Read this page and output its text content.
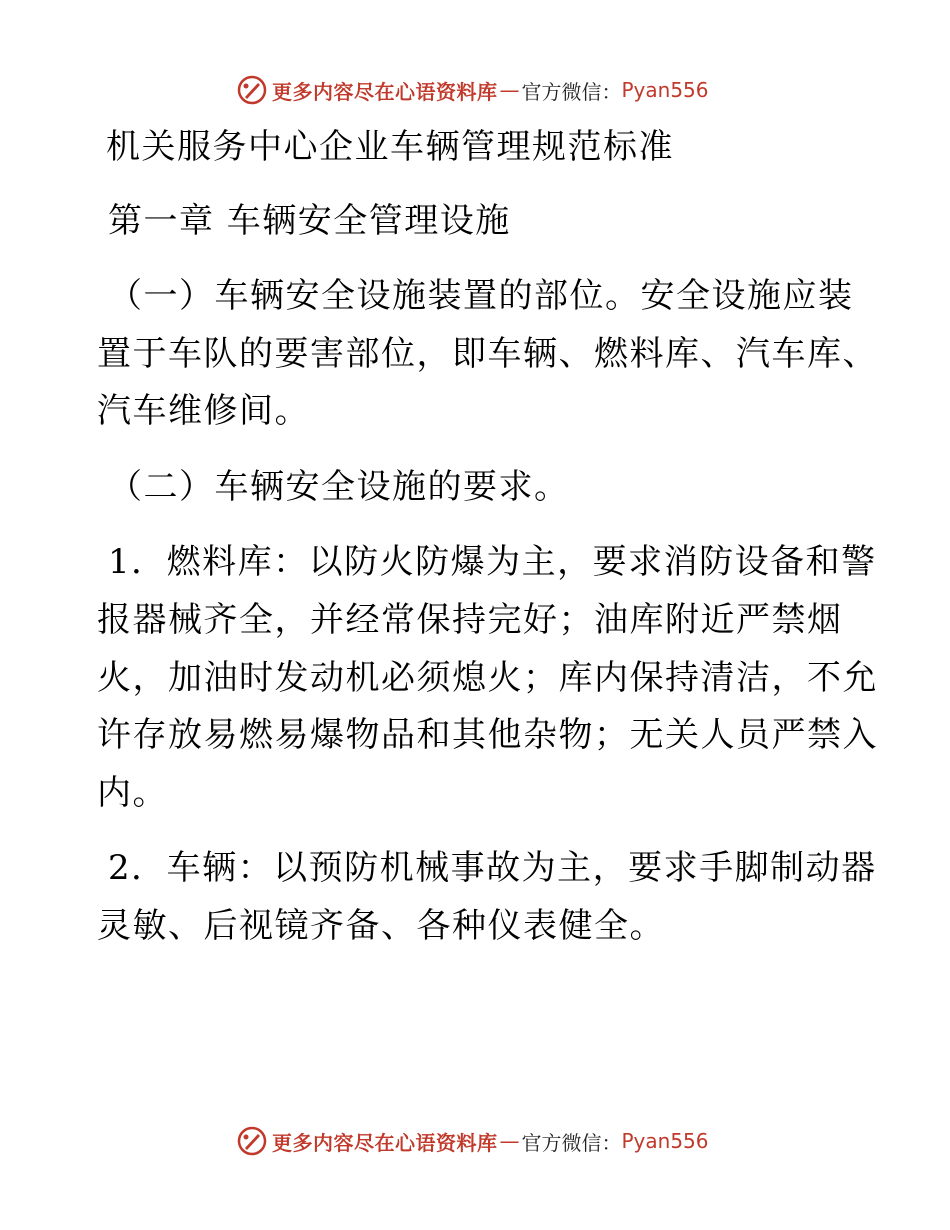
更多内容尽在心语资料库 — 官方微信： Pyan556
机关服务中心企业车辆管理规范标准
第一章 车辆安全管理设施
（一）车辆安全设施装置的部位。安全设施应装
置于车队的要害部位，即车辆、燃料库、汽车库、
汽车维修间。
（二）车辆安全设施的要求。
1．燃料库：以防火防爆为主，要求消防设备和警
报器械齐全，并经常保持完好；油库附近严禁烟
火，加油时发动机必须熄火；库内保持清洁，不允
许存放易燃易爆物品和其他杂物；无关人员严禁入
内。
2．车辆：以预防机械事故为主，要求手脚制动器
灵敏、后视镜齐备、各种仪表健全。
更多内容尽在心语资料库 — 官方微信： Pyan556
